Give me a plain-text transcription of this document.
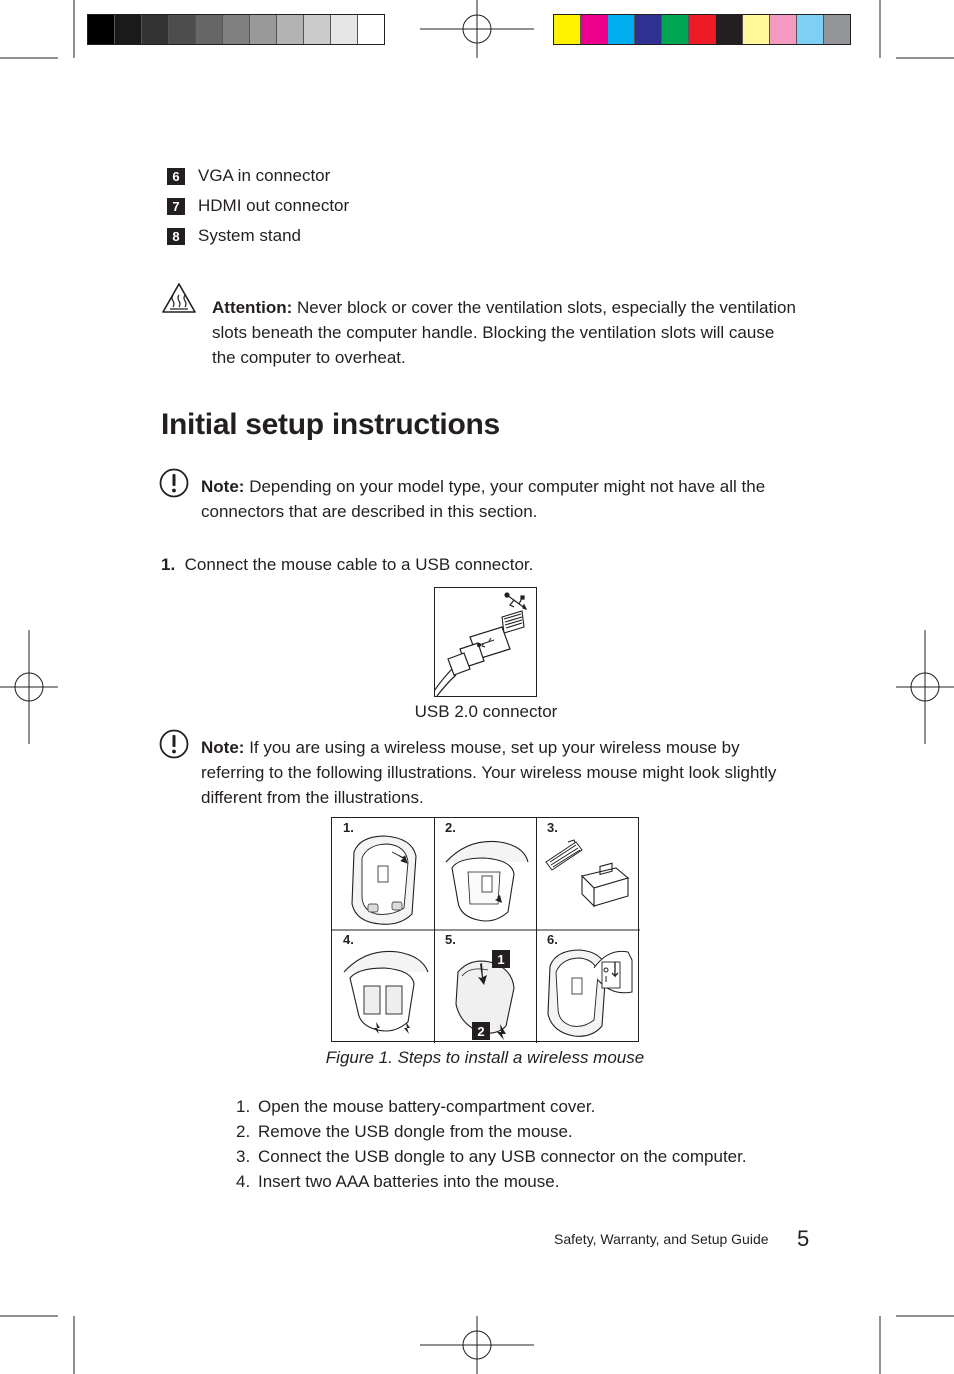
6	VGA in connector
7	HDMI out connector
8	System stand
Attention: Never block or cover the ventilation slots, especially the ventilation slots beneath the computer handle. Blocking the ventilation slots will cause the computer to overheat.
Initial setup instructions
Note: Depending on your model type, your computer might not have all the connectors that are described in this section.
1. Connect the mouse cable to a USB connector.
USB 2.0 connector
Note: If you are using a wireless mouse, set up your wireless mouse by referring to the following illustrations. Your wireless mouse might look slightly different from the illustrations.
1.	2.	3.
4.	5.
1
2
6.
Figure 1. Steps to install a wireless mouse
1. Open the mouse battery-compartment cover.
2. Remove the USB dongle from the mouse.
3. Connect the USB dongle to any USB connector on the computer.
4. Insert two AAA batteries into the mouse.
Safety, Warranty, and Setup Guide 5
